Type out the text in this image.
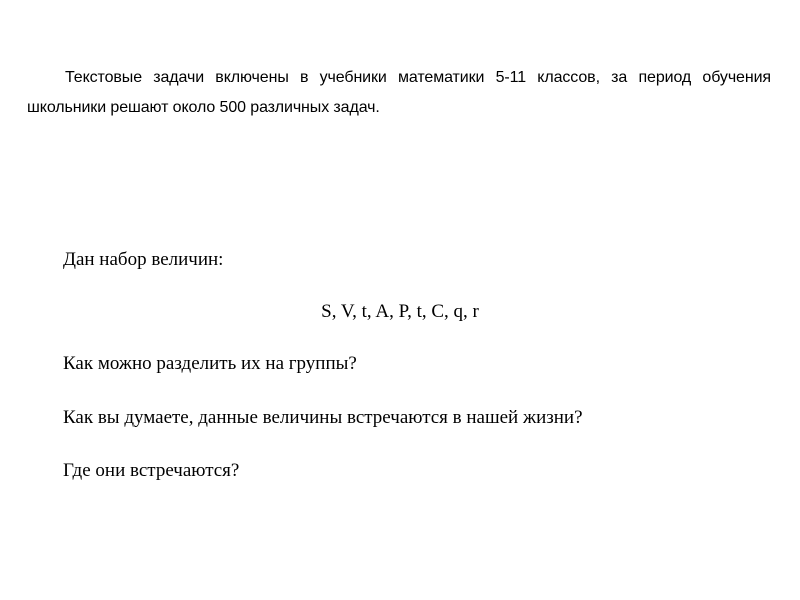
Текстовые задачи включены в учебники математики 5-11 классов, за период обучения школьники решают около 500 различных задач.

Дан набор величин:

S, V, t, A, P, t, C, q, r

Как можно разделить их на группы?

Как вы думаете, данные величины встречаются в нашей жизни?

Где они встречаются?
